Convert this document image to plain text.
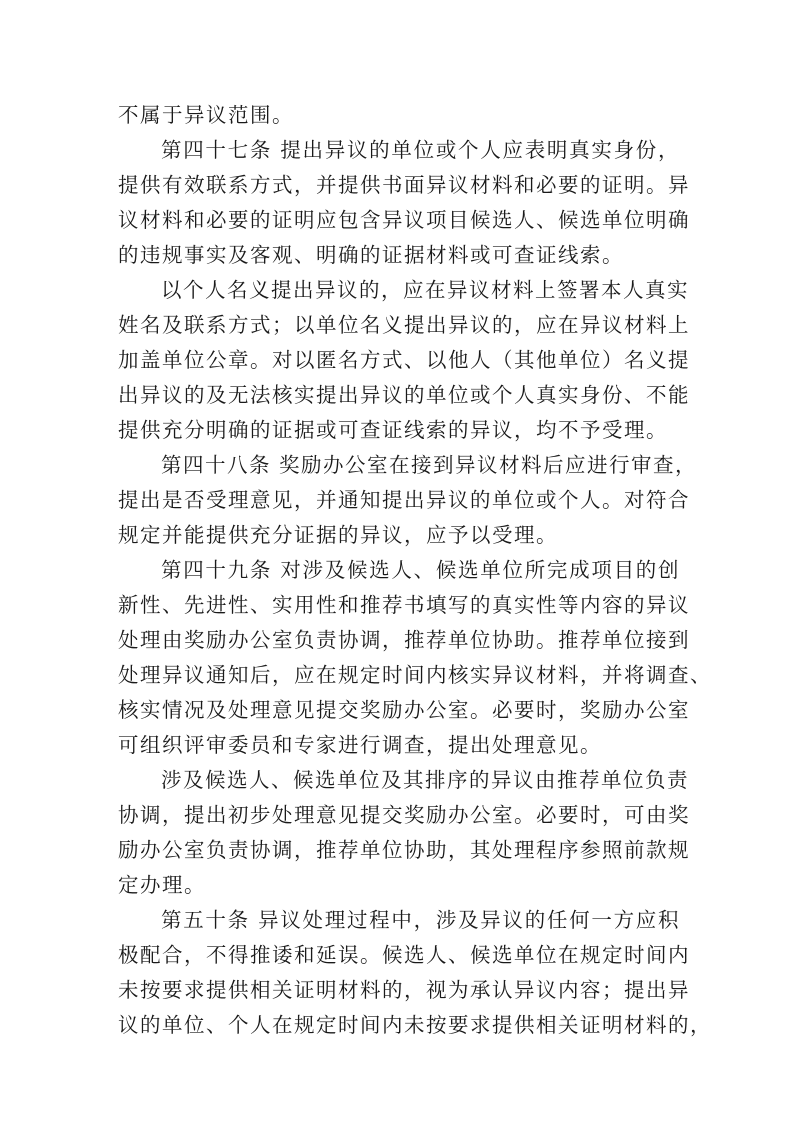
不属于异议范围。
第四十七条 提出异议的单位或个人应表明真实身份，
提供有效联系方式，并提供书面异议材料和必要的证明。异
议材料和必要的证明应包含异议项目候选人、候选单位明确
的违规事实及客观、明确的证据材料或可查证线索。
以个人名义提出异议的，应在异议材料上签署本人真实
姓名及联系方式；以单位名义提出异议的，应在异议材料上
加盖单位公章。对以匿名方式、以他人（其他单位）名义提
出异议的及无法核实提出异议的单位或个人真实身份、不能
提供充分明确的证据或可查证线索的异议，均不予受理。
第四十八条 奖励办公室在接到异议材料后应进行审查，
提出是否受理意见，并通知提出异议的单位或个人。对符合
规定并能提供充分证据的异议，应予以受理。
第四十九条 对涉及候选人、候选单位所完成项目的创
新性、先进性、实用性和推荐书填写的真实性等内容的异议
处理由奖励办公室负责协调，推荐单位协助。推荐单位接到
处理异议通知后，应在规定时间内核实异议材料，并将调查、
核实情况及处理意见提交奖励办公室。必要时，奖励办公室
可组织评审委员和专家进行调查，提出处理意见。
涉及候选人、候选单位及其排序的异议由推荐单位负责
协调，提出初步处理意见提交奖励办公室。必要时，可由奖
励办公室负责协调，推荐单位协助，其处理程序参照前款规
定办理。
第五十条 异议处理过程中，涉及异议的任何一方应积
极配合，不得推诿和延误。候选人、候选单位在规定时间内
未按要求提供相关证明材料的，视为承认异议内容；提出异
议的单位、个人在规定时间内未按要求提供相关证明材料的，
